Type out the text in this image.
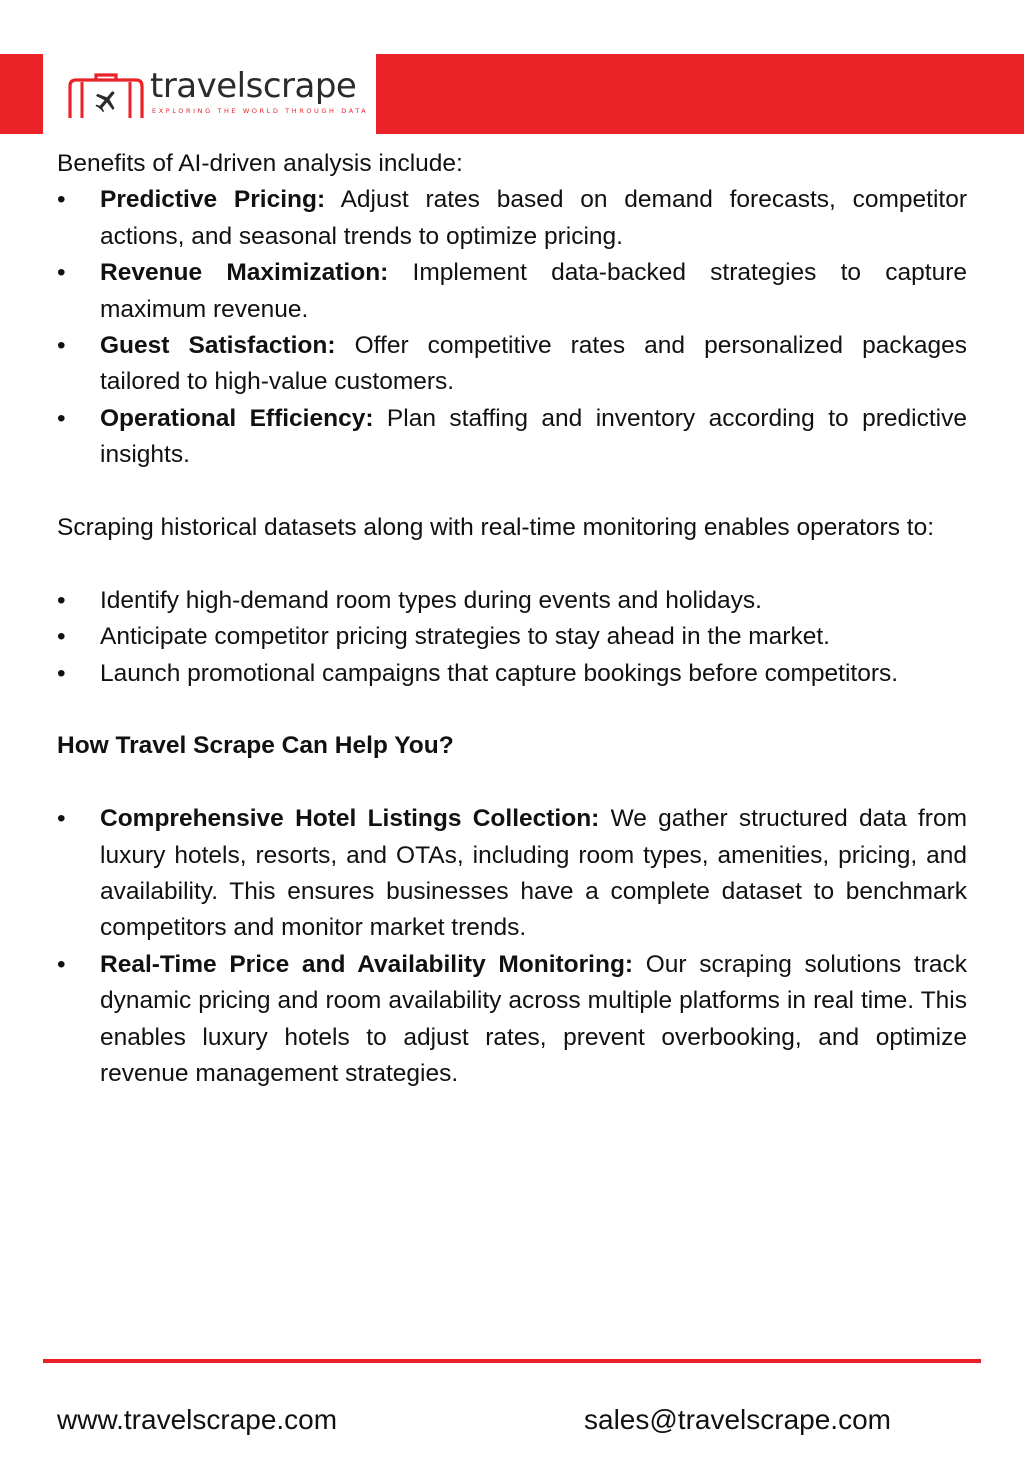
travelscrape
EXPLORING THE WORLD THROUGH DATA

Benefits of AI-driven analysis include:

•	Predictive Pricing: Adjust rates based on demand forecasts, competitor actions, and seasonal trends to optimize pricing.
•	Revenue Maximization: Implement data-backed strategies to capture maximum revenue.
•	Guest Satisfaction: Offer competitive rates and personalized packages tailored to high-value customers.
•	Operational Efficiency: Plan staffing and inventory according to predictive insights.

Scraping historical datasets along with real-time monitoring enables operators to:

•	Identify high-demand room types during events and holidays.
•	Anticipate competitor pricing strategies to stay ahead in the market.
•	Launch promotional campaigns that capture bookings before competitors.

How Travel Scrape Can Help You?

•	Comprehensive Hotel Listings Collection: We gather structured data from luxury hotels, resorts, and OTAs, including room types, amenities, pricing, and availability. This ensures businesses have a complete dataset to benchmark competitors and monitor market trends.
•	Real-Time Price and Availability Monitoring: Our scraping solutions track dynamic pricing and room availability across multiple platforms in real time. This enables luxury hotels to adjust rates, prevent overbooking, and optimize revenue management strategies.
www.travelscrape.com	sales@travelscrape.com
